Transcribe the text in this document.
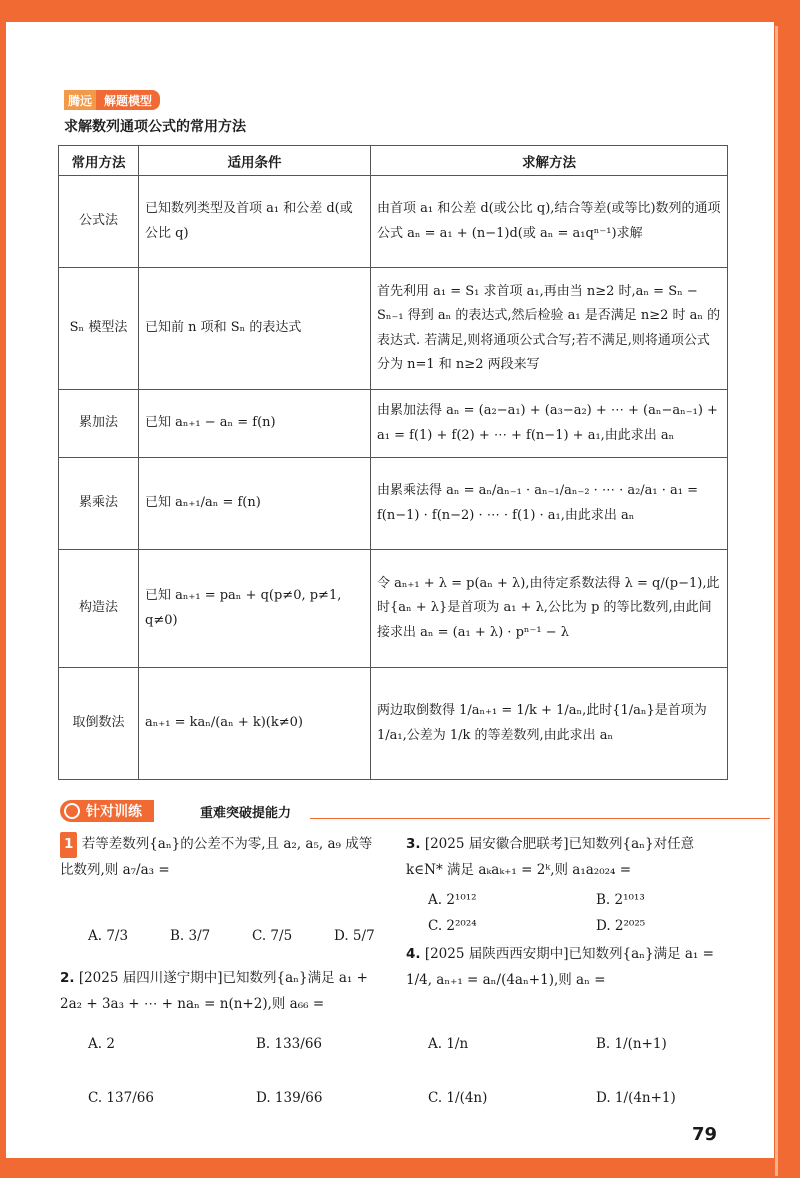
腾远	解题模型
求解数列通项公式的常用方法
常用方法	适用条件	求解方法
公式法	已知数列类型及首项 a₁ 和公差 d(或公比 q)	由首项 a₁ 和公差 d(或公比 q),结合等差(或等比)数列的通项公式 aₙ = a₁ + (n−1)d(或 aₙ = a₁qⁿ⁻¹)求解
Sₙ 模型法	已知前 n 项和 Sₙ 的表达式	首先利用 a₁ = S₁ 求首项 a₁,再由当 n≥2 时,aₙ = Sₙ − Sₙ₋₁ 得到 aₙ 的表达式,然后检验 a₁ 是否满足 n≥2 时 aₙ 的表达式. 若满足,则将通项公式合写;若不满足,则将通项公式分为 n=1 和 n≥2 两段来写
累加法	已知 aₙ₊₁ − aₙ = f(n)	由累加法得 aₙ = (a₂−a₁) + (a₃−a₂) + ⋯ + (aₙ−aₙ₋₁) + a₁ = f(1) + f(2) + ⋯ + f(n−1) + a₁,由此求出 aₙ
累乘法	已知 aₙ₊₁/aₙ = f(n)	由累乘法得 aₙ = aₙ/aₙ₋₁ · aₙ₋₁/aₙ₋₂ · ⋯ · a₂/a₁ · a₁ = f(n−1) · f(n−2) · ⋯ · f(1) · a₁,由此求出 aₙ
构造法	已知 aₙ₊₁ = paₙ + q(p≠0, p≠1, q≠0)	令 aₙ₊₁ + λ = p(aₙ + λ),由待定系数法得 λ = q/(p−1),此时{aₙ + λ}是首项为 a₁ + λ,公比为 p 的等比数列,由此间接求出 aₙ = (a₁ + λ) · pⁿ⁻¹ − λ
取倒数法	aₙ₊₁ = kaₙ/(aₙ + k)(k≠0)	两边取倒数得 1/aₙ₊₁ = 1/k + 1/aₙ,此时{1/aₙ}是首项为 1/a₁,公差为 1/k 的等差数列,由此求出 aₙ
针对训练	重难突破提能力
1 若等差数列{aₙ}的公差不为零,且 a₂, a₅, a₉ 成等比数列,则 a₇/a₃ =
A. 7/3	B. 3/7	C. 7/5	D. 5/7
2. [2025 届四川遂宁期中]已知数列{aₙ}满足 a₁ + 2a₂ + 3a₃ + ⋯ + naₙ = n(n+2),则 a₆₆ =
A. 2	B. 133/66
C. 137/66	D. 139/66
3. [2025 届安徽合肥联考]已知数列{aₙ}对任意 k∈N* 满足 aₖaₖ₊₁ = 2ᵏ,则 a₁a₂₀₂₄ =
A. 2¹⁰¹²	B. 2¹⁰¹³
C. 2²⁰²⁴	D. 2²⁰²⁵
4. [2025 届陕西西安期中]已知数列{aₙ}满足 a₁ = 1/4, aₙ₊₁ = aₙ/(4aₙ+1),则 aₙ =
A. 1/n	B. 1/(n+1)
C. 1/(4n)	D. 1/(4n+1)
79
